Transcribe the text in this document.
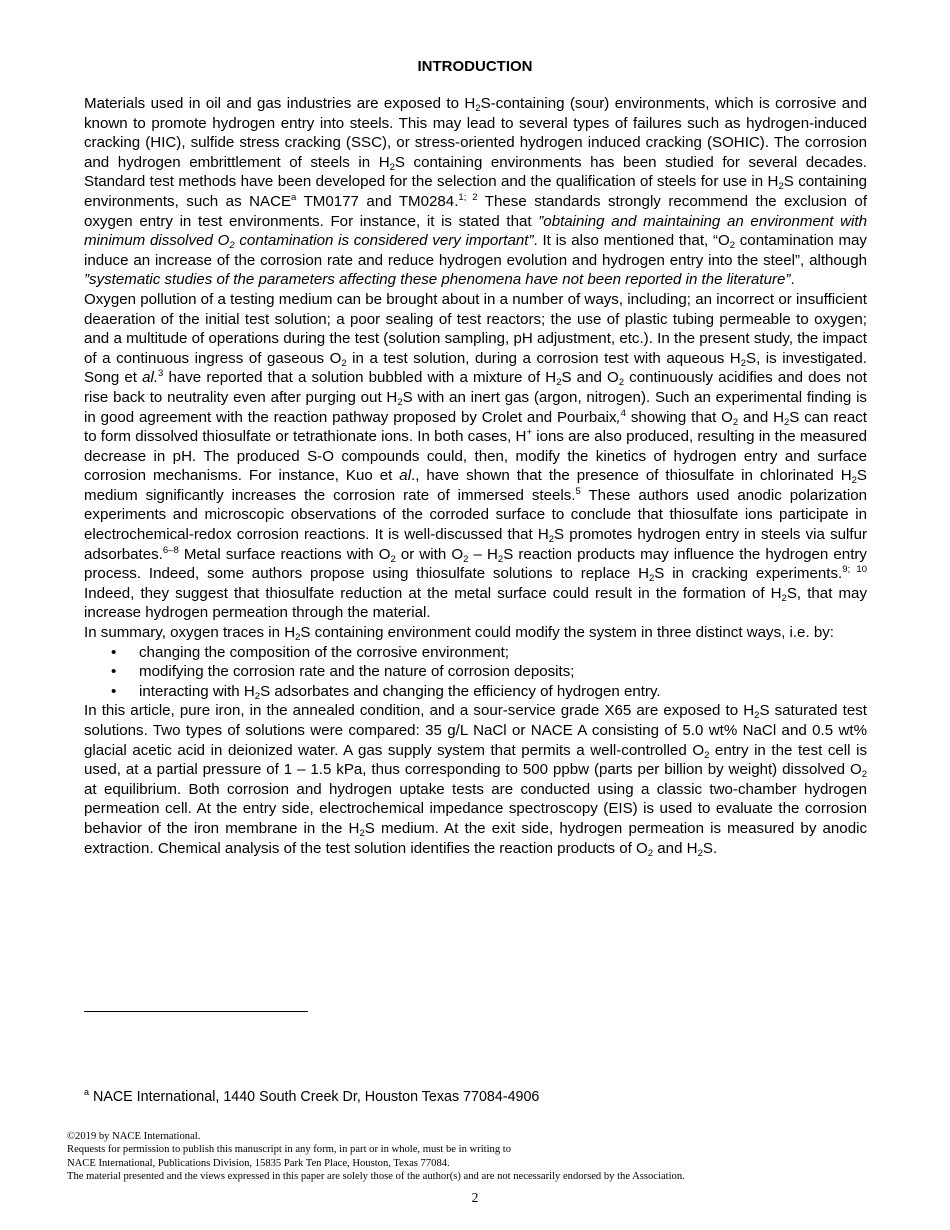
INTRODUCTION

Materials used in oil and gas industries are exposed to $H_2S$-containing (sour) environments, which is corrosive and known to promote hydrogen entry into steels. This may lead to several types of failures such as hydrogen-induced cracking (HIC), sulfide stress cracking (SSC), or stress-oriented hydrogen induced cracking (SOHIC). The corrosion and hydrogen embrittlement of steels in $H_2S$ containing environments has been studied for several decades. Standard test methods have been developed for the selection and the qualification of steels for use in $H_2S$ containing environments, such as NACE$^a$ TM0177 and TM0284.$^{1; 2}$ These standards strongly recommend the exclusion of oxygen entry in test environments. For instance, it is stated that ”obtaining and maintaining an environment with minimum dissolved $O_2$ contamination is considered very important”. It is also mentioned that, “$O_2$ contamination may induce an increase of the corrosion rate and reduce hydrogen evolution and hydrogen entry into the steel”, although ”systematic studies of the parameters affecting these phenomena have not been reported in the literature”.

Oxygen pollution of a testing medium can be brought about in a number of ways, including; an incorrect or insufficient deaeration of the initial test solution; a poor sealing of test reactors; the use of plastic tubing permeable to oxygen; and a multitude of operations during the test (solution sampling, pH adjustment, etc.). In the present study, the impact of a continuous ingress of gaseous $O_2$ in a test solution, during a corrosion test with aqueous $H_2S$, is investigated. Song et al.$^3$ have reported that a solution bubbled with a mixture of $H_2S$ and $O_2$ continuously acidifies and does not rise back to neutrality even after purging out $H_2S$ with an inert gas (argon, nitrogen). Such an experimental finding is in good agreement with the reaction pathway proposed by Crolet and Pourbaix,$^4$ showing that $O_2$ and $H_2S$ can react to form dissolved thiosulfate or tetrathionate ions. In both cases, H+ ions are also produced, resulting in the measured decrease in pH. The produced S-O compounds could, then, modify the kinetics of hydrogen entry and surface corrosion mechanisms. For instance, Kuo et al., have shown that the presence of thiosulfate in chlorinated $H_2S$ medium significantly increases the corrosion rate of immersed steels.$^5$ These authors used anodic polarization experiments and microscopic observations of the corroded surface to conclude that thiosulfate ions participate in electrochemical-redox corrosion reactions. It is well-discussed that $H_2S$ promotes hydrogen entry in steels via sulfur adsorbates.$^{6-8}$ Metal surface reactions with $O_2$ or with $O_2 - H_2S$ reaction products may influence the hydrogen entry process. Indeed, some authors propose using thiosulfate solutions to replace $H_2S$ in cracking experiments.$^{9; 10}$ Indeed, they suggest that thiosulfate reduction at the metal surface could result in the formation of $H_2S$, that may increase hydrogen permeation through the material.

In summary, oxygen traces in $H_2S$ containing environment could modify the system in three distinct ways, i.e. by:

• changing the composition of the corrosive environment;
• modifying the corrosion rate and the nature of corrosion deposits;
• interacting with $H_2S$ adsorbates and changing the efficiency of hydrogen entry.

In this article, pure iron, in the annealed condition, and a sour-service grade X65 are exposed to $H_2S$ saturated test solutions. Two types of solutions were compared: 35 g/L NaCl or NACE A consisting of 5.0 wt% NaCl and 0.5 wt% glacial acetic acid in deionized water. A gas supply system that permits a well-controlled $O_2$ entry in the test cell is used, at a partial pressure of 1 – 1.5 kPa, thus corresponding to 500 ppbw (parts per billion by weight) dissolved $O_2$ at equilibrium. Both corrosion and hydrogen uptake tests are conducted using a classic two-chamber hydrogen permeation cell. At the entry side, electrochemical impedance spectroscopy (EIS) is used to evaluate the corrosion behavior of the iron membrane in the $H_2S$ medium. At the exit side, hydrogen permeation is measured by anodic extraction. Chemical analysis of the test solution identifies the reaction products of $O_2$ and $H_2S$.

$^a$ NACE International, 1440 South Creek Dr, Houston Texas 77084-4906
©2019 by NACE International.
Requests for permission to publish this manuscript in any form, in part or in whole, must be in writing to
NACE International, Publications Division, 15835 Park Ten Place, Houston, Texas 77084.
The material presented and the views expressed in this paper are solely those of the author(s) and are not necessarily endorsed by the Association.
2
